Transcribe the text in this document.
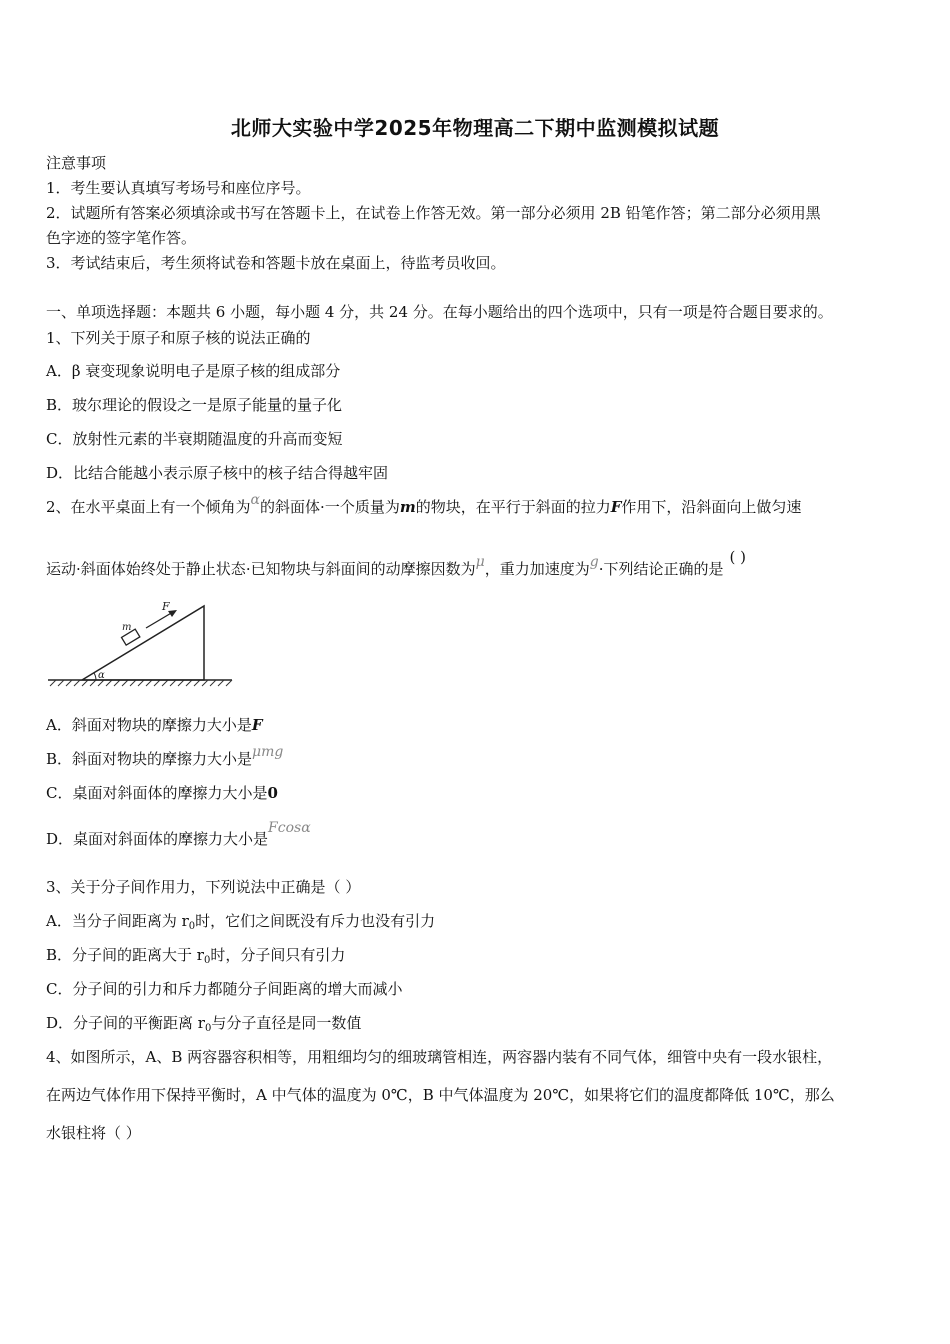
北师大实验中学2025年物理高二下期中监测模拟试题
注意事项
1．考生要认真填写考场号和座位序号。
2．试题所有答案必须填涂或书写在答题卡上，在试卷上作答无效。第一部分必须用 2B 铅笔作答；第二部分必须用黑
色字迹的签字笔作答。
3．考试结束后，考生须将试卷和答题卡放在桌面上，待监考员收回。
一、单项选择题：本题共 6 小题，每小题 4 分，共 24 分。在每小题给出的四个选项中，只有一项是符合题目要求的。
1、下列关于原子和原子核的说法正确的
A．β 衰变现象说明电子是原子核的组成部分
B．玻尔理论的假设之一是原子能量的量子化
C．放射性元素的半衰期随温度的升高而变短
D．比结合能越小表示原子核中的核子结合得越牢固
2、在水平桌面上有一个倾角为α的斜面体·一个质量为m的物块，在平行于斜面的拉力F作用下，沿斜面向上做匀速
运动·斜面体始终处于静止状态·已知物块与斜面间的动摩擦因数为μ，重力加速度为g·下列结论正确的是( )
α
m
F
A．斜面对物块的摩擦力大小是F
B．斜面对物块的摩擦力大小是μmg
C．桌面对斜面体的摩擦力大小是0
D．桌面对斜面体的摩擦力大小是Fcosα
3、关于分子间作用力，下列说法中正确是（ ）
A．当分子间距离为 $r_0$时，它们之间既没有斥力也没有引力
B．分子间的距离大于 $r_0$时，分子间只有引力
C．分子间的引力和斥力都随分子间距离的增大而减小
D．分子间的平衡距离 $r_0$与分子直径是同一数值
4、如图所示，A、B 两容器容积相等，用粗细均匀的细玻璃管相连，两容器内装有不同气体，细管中央有一段水银柱，
在两边气体作用下保持平衡时，A 中气体的温度为 0℃，B 中气体温度为 20℃，如果将它们的温度都降低 10℃，那么
水银柱将（ ）
